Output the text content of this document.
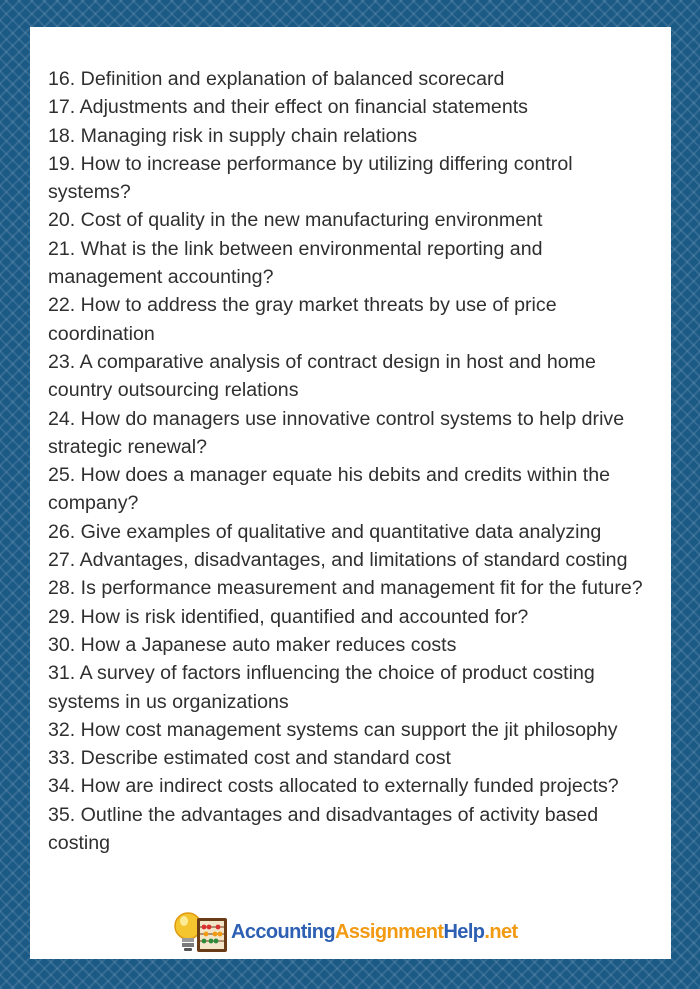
16. Definition and explanation of balanced scorecard
17. Adjustments and their effect on financial statements
18. Managing risk in supply chain relations
19. How to increase performance by utilizing differing control systems?
20. Cost of quality in the new manufacturing environment
21. What is the link between environmental reporting and management accounting?
22. How to address the gray market threats by use of price coordination
23. A comparative analysis of contract design in host and home country outsourcing relations
24. How do managers use innovative control systems to help drive strategic renewal?
25. How does a manager equate his debits and credits within the company?
26. Give examples of qualitative and quantitative data analyzing
27. Advantages, disadvantages, and limitations of standard costing
28. Is performance measurement and management fit for the future?
29. How is risk identified, quantified and accounted for?
30. How a Japanese auto maker reduces costs
31. A survey of factors influencing the choice of product costing systems in us organizations
32. How cost management systems can support the jit philosophy
33. Describe estimated cost and standard cost
34. How are indirect costs allocated to externally funded projects?
35. Outline the advantages and disadvantages of activity based costing
AccountingAssignmentHelp.net
